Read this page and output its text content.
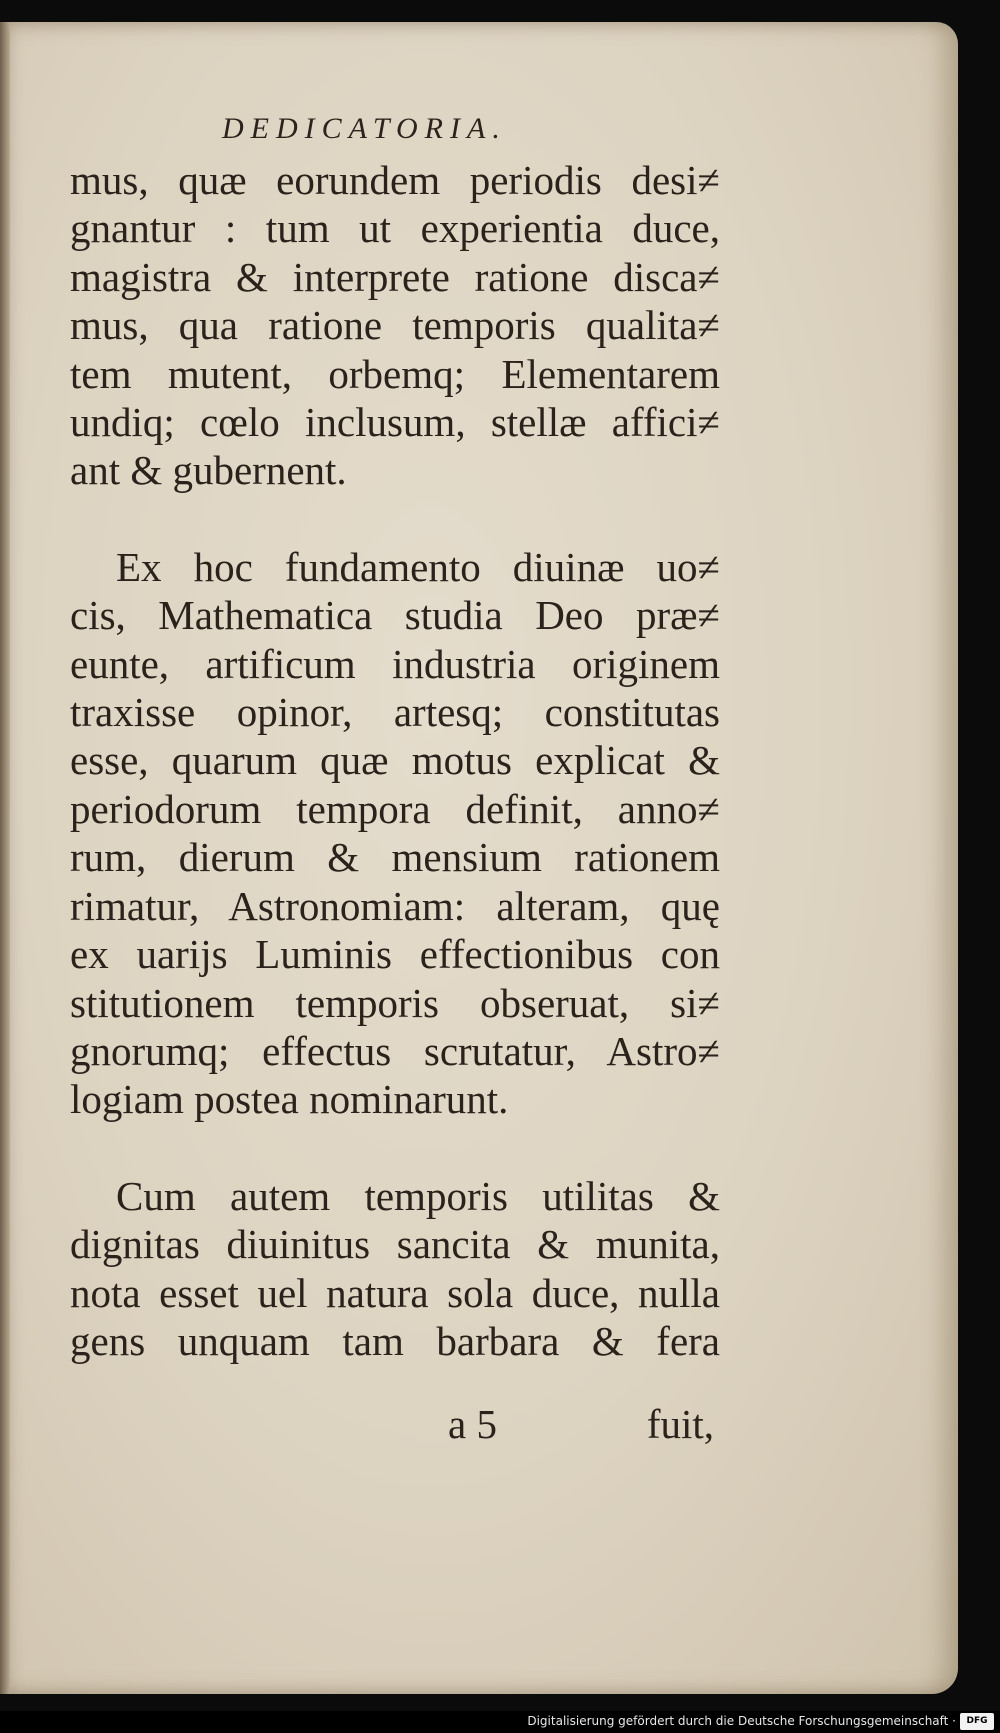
DEDICATORIA.

mus, quæ eorundem periodis desi≠
gnantur : tum ut experientia duce,
magistra & interprete ratione disca≠
mus, qua ratione temporis qualita≠
tem mutent, orbemq; Elementarem
undiq; cœlo inclusum, stellæ affici≠
ant & gubernent.

Ex hoc fundamento diuinæ uo≠
cis, Mathematica studia Deo præ≠
eunte, artificum industria originem
traxisse opinor, artesq; constitutas
esse, quarum quæ motus explicat &
periodorum tempora definit, anno≠
rum, dierum & mensium rationem
rimatur, Astronomiam: alteram, quę
ex uarijs Luminis effectionibus con
stitutionem temporis obseruat, si≠
gnorumq; effectus scrutatur, Astro≠
logiam postea nominarunt.

Cum autem temporis utilitas &
dignitas diuinitus sancita & munita,
nota esset uel natura sola duce, nulla
gens unquam tam barbara & fera

a 5	fuit,
Digitalisierung gefördert durch die Deutsche Forschungsgemeinschaft ·	DFG
